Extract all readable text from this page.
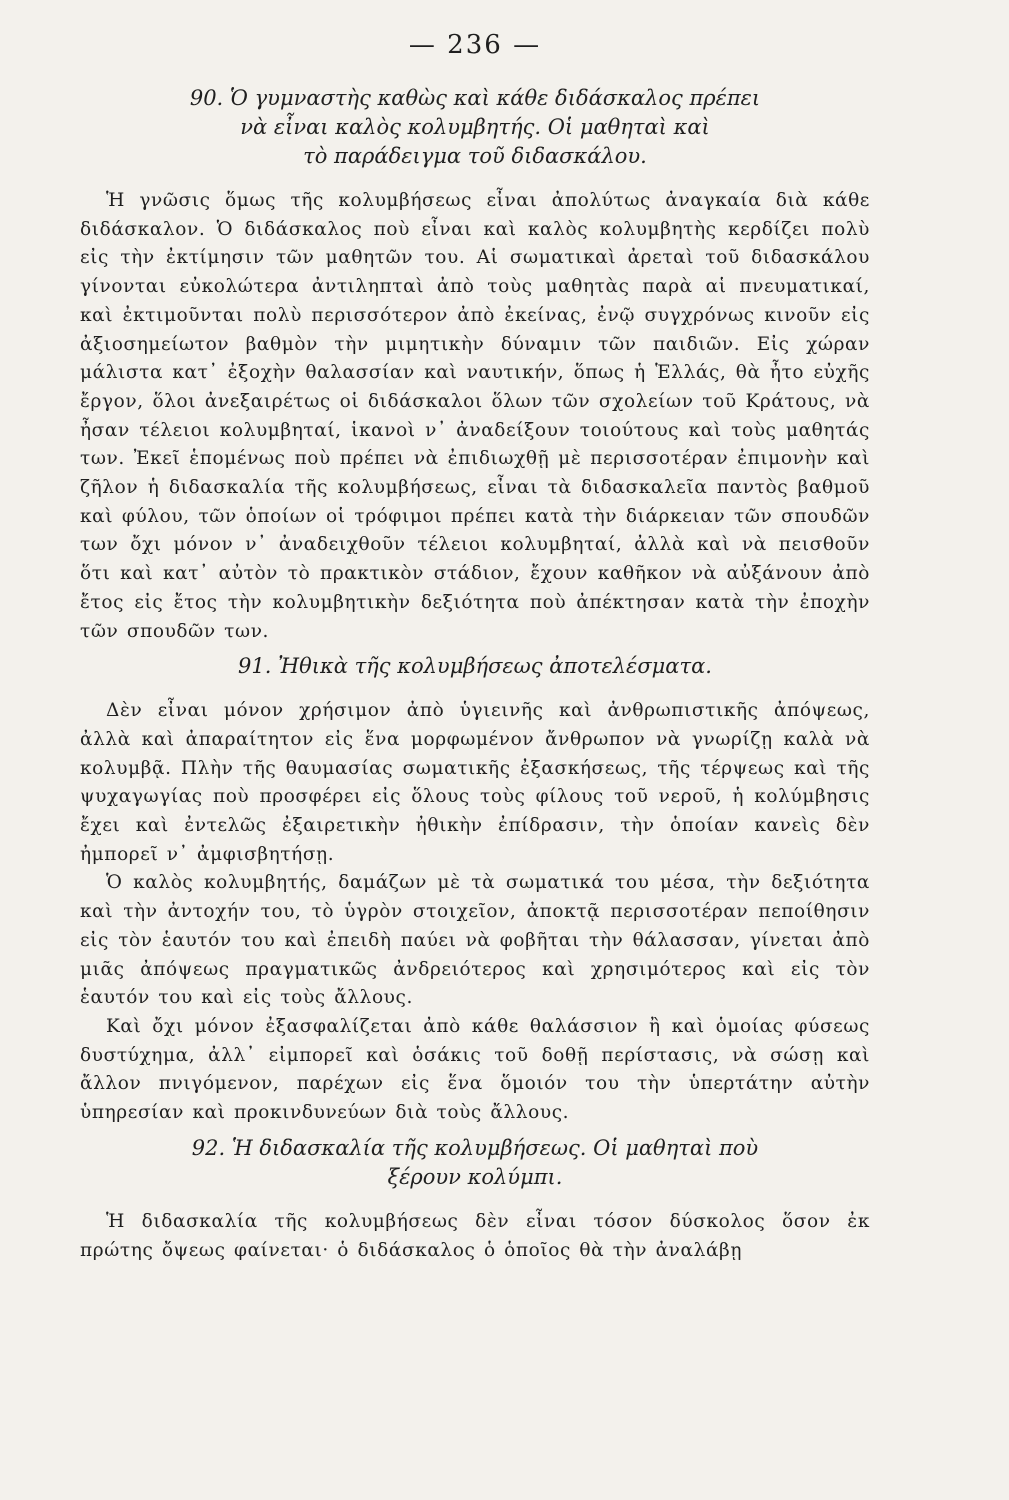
— 236 —
90. Ὁ γυμναστὴς καθὼς καὶ κάθε διδάσκαλος πρέπει
νὰ εἶναι καλὸς κολυμβητής. Οἱ μαθηταὶ καὶ
τὸ παράδειγμα τοῦ διδασκάλου.

Ἡ γνῶσις ὅμως τῆς κολυμβήσεως εἶναι ἀπολύτως ἀναγκαία διὰ κάθε διδάσκαλον. Ὁ διδάσκαλος ποὺ εἶναι καὶ καλὸς κολυμβητὴς κερδίζει πολὺ εἰς τὴν ἐκτίμησιν τῶν μαθητῶν του. Αἱ σωματικαὶ ἀρεταὶ τοῦ διδασκάλου γίνονται εὐκολώτερα ἀντιληπταὶ ἀπὸ τοὺς μαθητὰς παρὰ αἱ πνευματικαί, καὶ ἐκτιμοῦνται πολὺ περισσότερον ἀπὸ ἐκείνας, ἐνῷ συγχρόνως κινοῦν εἰς ἀξιοσημείωτον βαθμὸν τὴν μιμητικὴν δύναμιν τῶν παιδιῶν. Εἰς χώραν μάλιστα κατ᾽ ἐξοχὴν θαλασσίαν καὶ ναυτικήν, ὅπως ἡ Ἑλλάς, θὰ ἦτο εὐχῆς ἔργον, ὅλοι ἀνεξαιρέτως οἱ διδάσκαλοι ὅλων τῶν σχολείων τοῦ Κράτους, νὰ ἦσαν τέλειοι κολυμβηταί, ἱκανοὶ ν᾽ ἀναδείξουν τοιούτους καὶ τοὺς μαθητάς των. Ἐκεῖ ἑπομένως ποὺ πρέπει νὰ ἐπιδιωχθῇ μὲ περισσοτέραν ἐπιμονὴν καὶ ζῆλον ἡ διδασκαλία τῆς κολυμβήσεως, εἶναι τὰ διδασκαλεῖα παντὸς βαθμοῦ καὶ φύλου, τῶν ὁποίων οἱ τρόφιμοι πρέπει κατὰ τὴν διάρκειαν τῶν σπουδῶν των ὄχι μόνον ν᾽ ἀναδειχθοῦν τέλειοι κολυμβηταί, ἀλλὰ καὶ νὰ πεισθοῦν ὅτι καὶ κατ᾽ αὐτὸν τὸ πρακτικὸν στάδιον, ἔχουν καθῆκον νὰ αὐξάνουν ἀπὸ ἔτος εἰς ἔτος τὴν κολυμβητικὴν δεξιότητα ποὺ ἀπέκτησαν κατὰ τὴν ἐποχὴν τῶν σπουδῶν των.

91. Ἠθικὰ τῆς κολυμβήσεως ἀποτελέσματα.

Δὲν εἶναι μόνον χρήσιμον ἀπὸ ὑγιεινῆς καὶ ἀνθρωπιστικῆς ἀπόψεως, ἀλλὰ καὶ ἀπαραίτητον εἰς ἕνα μορφωμένον ἄνθρωπον νὰ γνωρίζῃ καλὰ νὰ κολυμβᾷ. Πλὴν τῆς θαυμασίας σωματικῆς ἐξασκήσεως, τῆς τέρψεως καὶ τῆς ψυχαγωγίας ποὺ προσφέρει εἰς ὅλους τοὺς φίλους τοῦ νεροῦ, ἡ κολύμβησις ἔχει καὶ ἐντελῶς ἐξαιρετικὴν ἠθικὴν ἐπίδρασιν, τὴν ὁποίαν κανεὶς δὲν ἠμπορεῖ ν᾽ ἀμφισβητήσῃ.

Ὁ καλὸς κολυμβητής, δαμάζων μὲ τὰ σωματικά του μέσα, τὴν δεξιότητα καὶ τὴν ἀντοχήν του, τὸ ὑγρὸν στοιχεῖον, ἀποκτᾷ περισσοτέραν πεποίθησιν εἰς τὸν ἑαυτόν του καὶ ἐπειδὴ παύει νὰ φοβῆται τὴν θάλασσαν, γίνεται ἀπὸ μιᾶς ἀπόψεως πραγματικῶς ἀνδρειότερος καὶ χρησιμότερος καὶ εἰς τὸν ἑαυτόν του καὶ εἰς τοὺς ἄλλους.

Καὶ ὄχι μόνον ἐξασφαλίζεται ἀπὸ κάθε θαλάσσιον ἢ καὶ ὁμοίας φύσεως δυστύχημα, ἀλλ᾽ εἰμπορεῖ καὶ ὁσάκις τοῦ δοθῇ περίστασις, νὰ σώσῃ καὶ ἄλλον πνιγόμενον, παρέχων εἰς ἕνα ὅμοιόν του τὴν ὑπερτάτην αὐτὴν ὑπηρεσίαν καὶ προκινδυνεύων διὰ τοὺς ἄλλους.

92. Ἡ διδασκαλία τῆς κολυμβήσεως. Οἱ μαθηταὶ ποὺ
ξέρουν κολύμπι.

Ἡ διδασκαλία τῆς κολυμβήσεως δὲν εἶναι τόσον δύσκολος ὅσον ἐκ πρώτης ὄψεως φαίνεται· ὁ διδάσκαλος ὁ ὁποῖος θὰ τὴν ἀναλάβῃ
